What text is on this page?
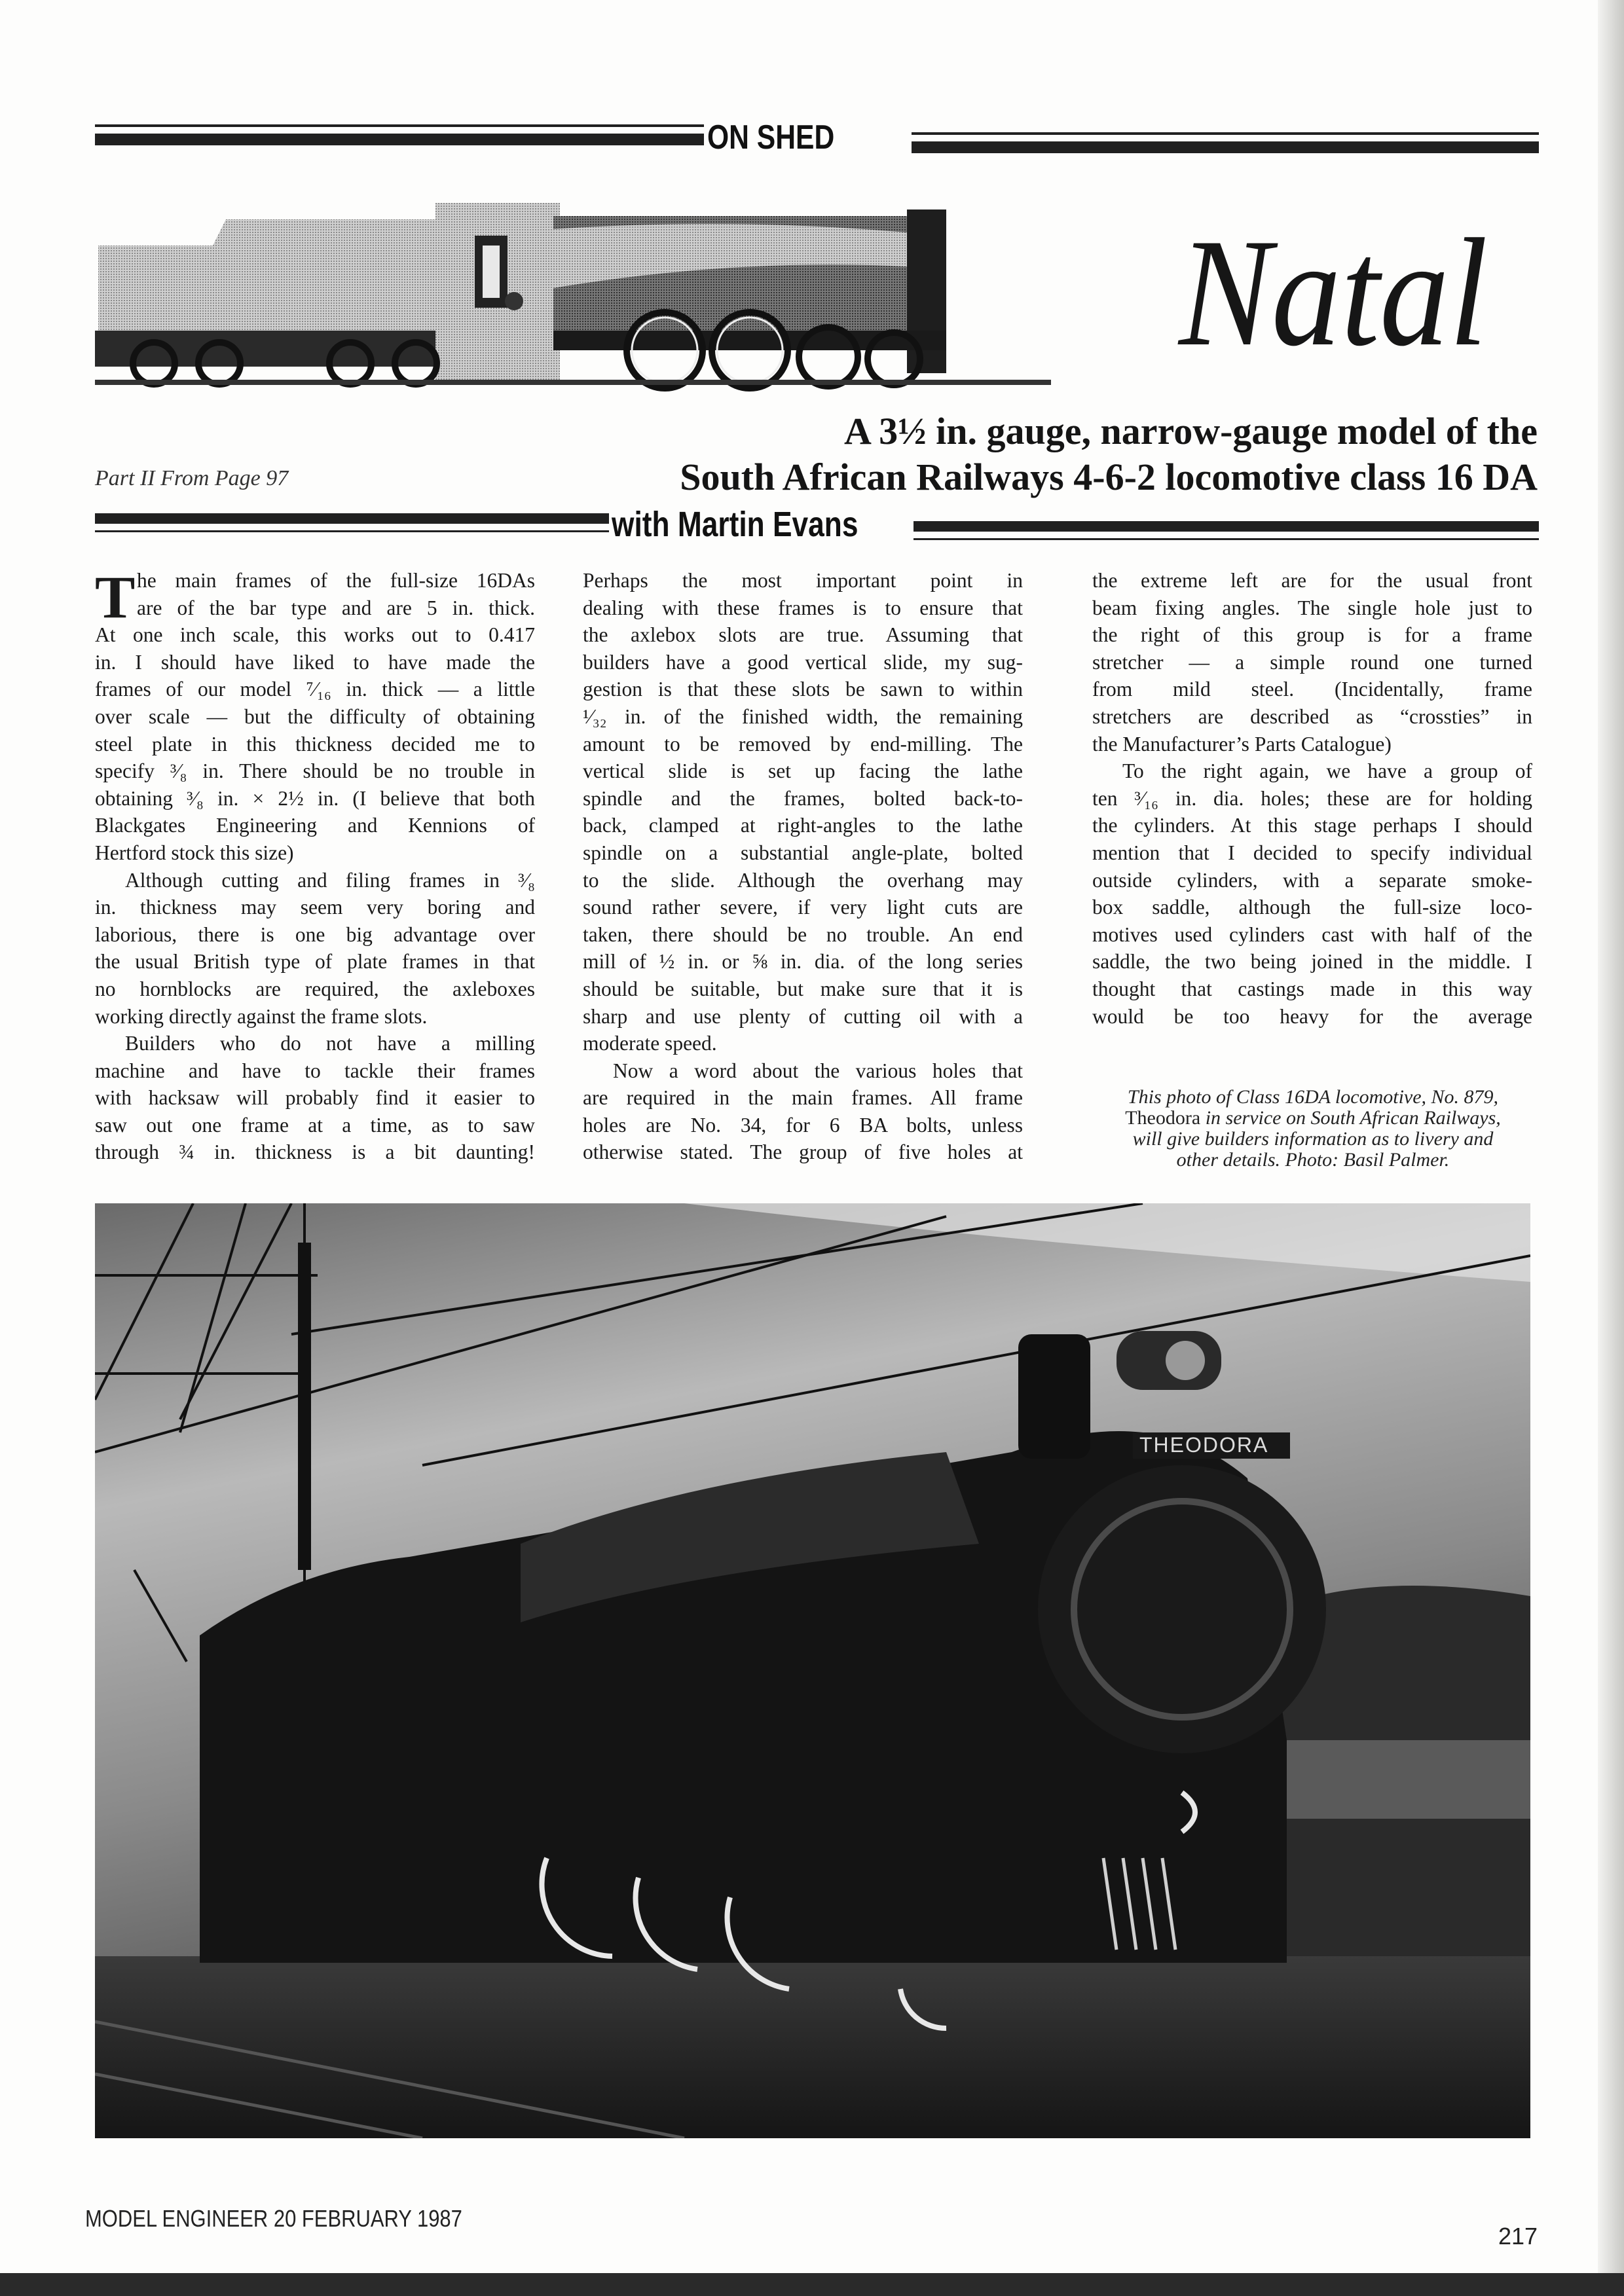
ON SHED
Natal
A 3½ in. gauge, narrow-gauge model of the
South African Railways 4-6-2 locomotive class 16 DA
Part II From Page 97
with Martin Evans
T he main frames of the full-size 16DAs
are of the bar type and are 5 in. thick.
At one inch scale, this works out to 0.417
in. I should have liked to have made the
frames of our model ⁷⁄₁₆ in. thick — a little
over scale — but the difficulty of obtaining
steel plate in this thickness decided me to
specify ³⁄₈ in. There should be no trouble in
obtaining ³⁄₈ in. × 2½ in. (I believe that both
Blackgates Engineering and Kennions of
Hertford stock this size)
Although cutting and filing frames in ³⁄₈
in. thickness may seem very boring and
laborious, there is one big advantage over
the usual British type of plate frames in that
no hornblocks are required, the axleboxes
working directly against the frame slots.
Builders who do not have a milling
machine and have to tackle their frames
with hacksaw will probably find it easier to
saw out one frame at a time, as to saw
through ¾ in. thickness is a bit daunting!
Perhaps the most important point in
dealing with these frames is to ensure that
the axlebox slots are true. Assuming that
builders have a good vertical slide, my sug-
gestion is that these slots be sawn to within
¹⁄₃₂ in. of the finished width, the remaining
amount to be removed by end-milling. The
vertical slide is set up facing the lathe
spindle and the frames, bolted back-to-
back, clamped at right-angles to the lathe
spindle on a substantial angle-plate, bolted
to the slide. Although the overhang may
sound rather severe, if very light cuts are
taken, there should be no trouble. An end
mill of ½ in. or ⅝ in. dia. of the long series
should be suitable, but make sure that it is
sharp and use plenty of cutting oil with a
moderate speed.
Now a word about the various holes that
are required in the main frames. All frame
holes are No. 34, for 6 BA bolts, unless
otherwise stated. The group of five holes at
the extreme left are for the usual front
beam fixing angles. The single hole just to
the right of this group is for a frame
stretcher — a simple round one turned
from mild steel. (Incidentally, frame
stretchers are described as “crossties” in
the Manufacturer’s Parts Catalogue)
To the right again, we have a group of
ten ³⁄₁₆ in. dia. holes; these are for holding
the cylinders. At this stage perhaps I should
mention that I decided to specify individual
outside cylinders, with a separate smoke-
box saddle, although the full-size loco-
motives used cylinders cast with half of the
saddle, the two being joined in the middle. I
thought that castings made in this way
would be too heavy for the average
This photo of Class 16DA locomotive, No. 879,
Theodora in service on South African Railways,
will give builders information as to livery and
other details. Photo: Basil Palmer.
THEODORA
MODEL ENGINEER 20 FEBRUARY 1987
217
